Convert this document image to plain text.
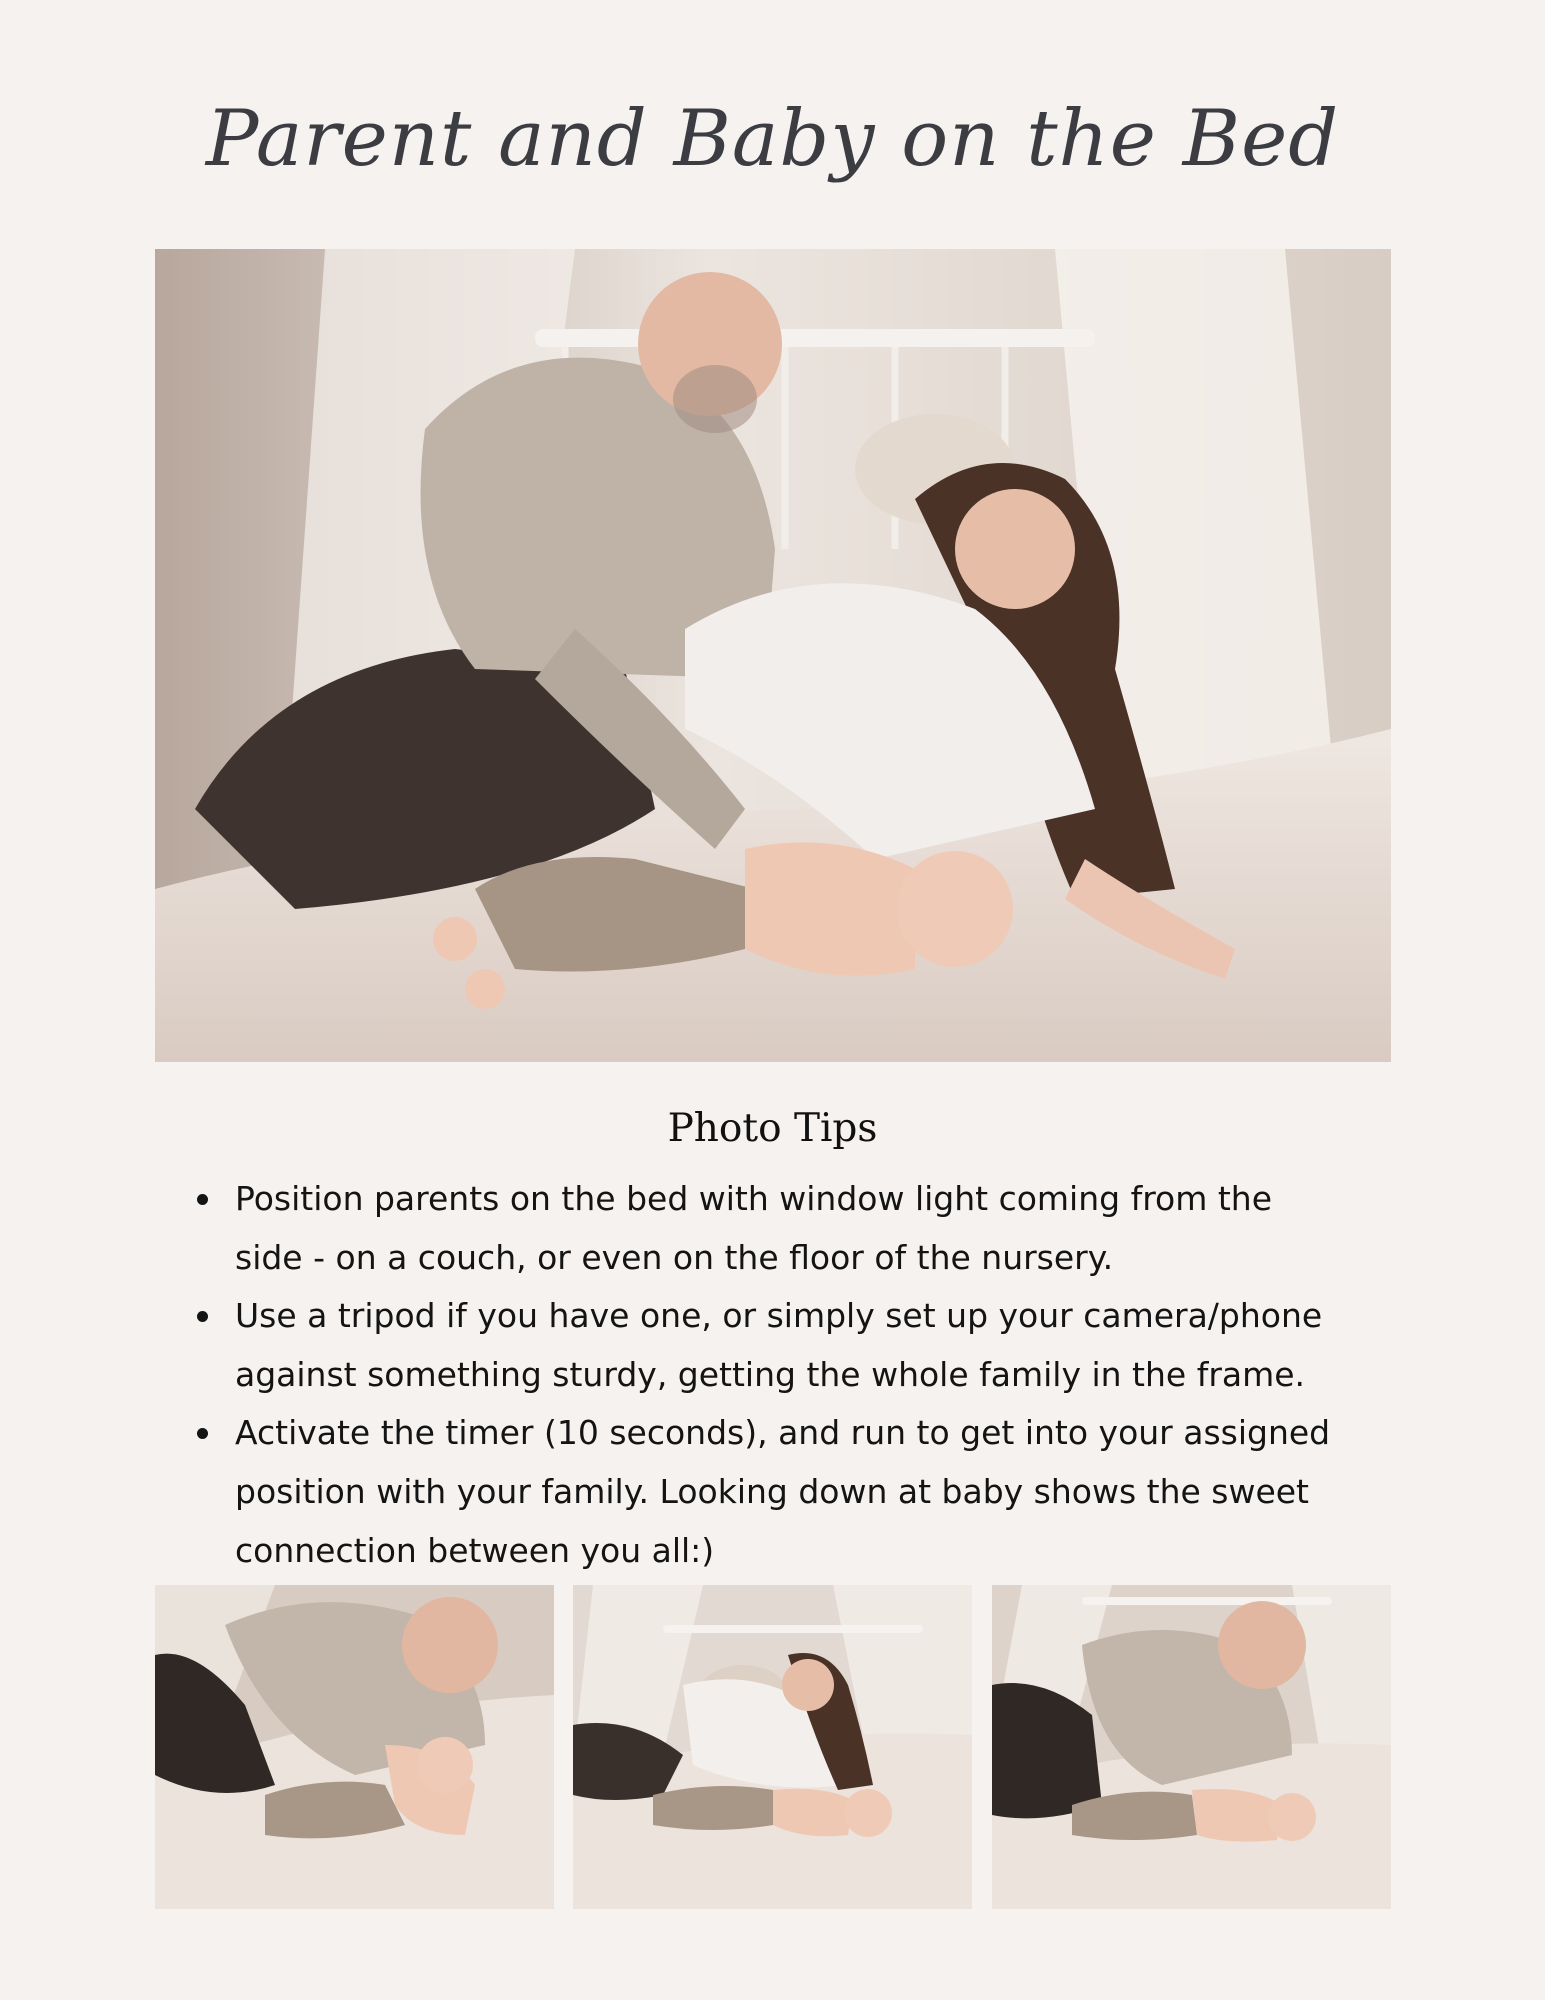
Parent and Baby on the Bed
Photo Tips
Position parents on the bed with window light coming from the side - on a couch, or even on the floor of the nursery.
Use a tripod if you have one, or simply set up your camera/phone against something sturdy, getting the whole family in the frame.
Activate the timer (10 seconds), and run to get into your assigned position with your family. Looking down at baby shows the sweet connection between you all:)
